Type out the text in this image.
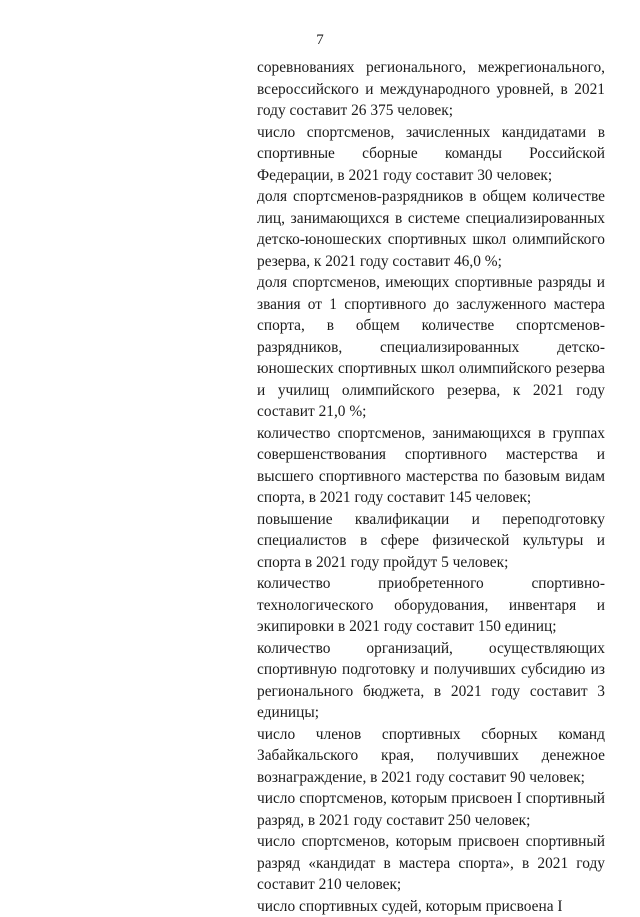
7

соревнованиях регионального, межрегионального, всероссийского и международного уровней, в 2021 году составит 26 375 человек;

число спортсменов, зачисленных кандидатами в спортивные сборные команды Российской Федерации, в 2021 году составит 30 человек;

доля спортсменов-разрядников в общем количестве лиц, занимающихся в системе специализированных детско-юношеских спортивных школ олимпийского резерва, к 2021 году составит 46,0 %;

доля спортсменов, имеющих спортивные разряды и звания от 1 спортивного до заслуженного мастера спорта, в общем количестве спортсменов-разрядников, специализированных детско-юношеских спортивных школ олимпийского резерва и училищ олимпийского резерва, к 2021 году составит 21,0 %;

количество спортсменов, занимающихся в группах совершенствования спортивного мастерства и высшего спортивного мастерства по базовым видам спорта, в 2021 году составит 145 человек;

повышение квалификации и переподготовку специалистов в сфере физической культуры и спорта в 2021 году пройдут 5 человек;

количество приобретенного спортивно-технологического оборудования, инвентаря и экипировки в 2021 году составит 150 единиц;

количество организаций, осуществляющих спортивную подготовку и получивших субсидию из регионального бюджета, в 2021 году составит 3 единицы;

число членов спортивных сборных команд Забайкальского края, получивших денежное вознаграждение, в 2021 году составит 90 человек;

число спортсменов, которым присвоен I спортивный разряд, в 2021 году составит 250 человек;

число спортсменов, которым присвоен спортивный разряд «кандидат в мастера спорта», в 2021 году составит 210 человек;

число спортивных судей, которым присвоена I
